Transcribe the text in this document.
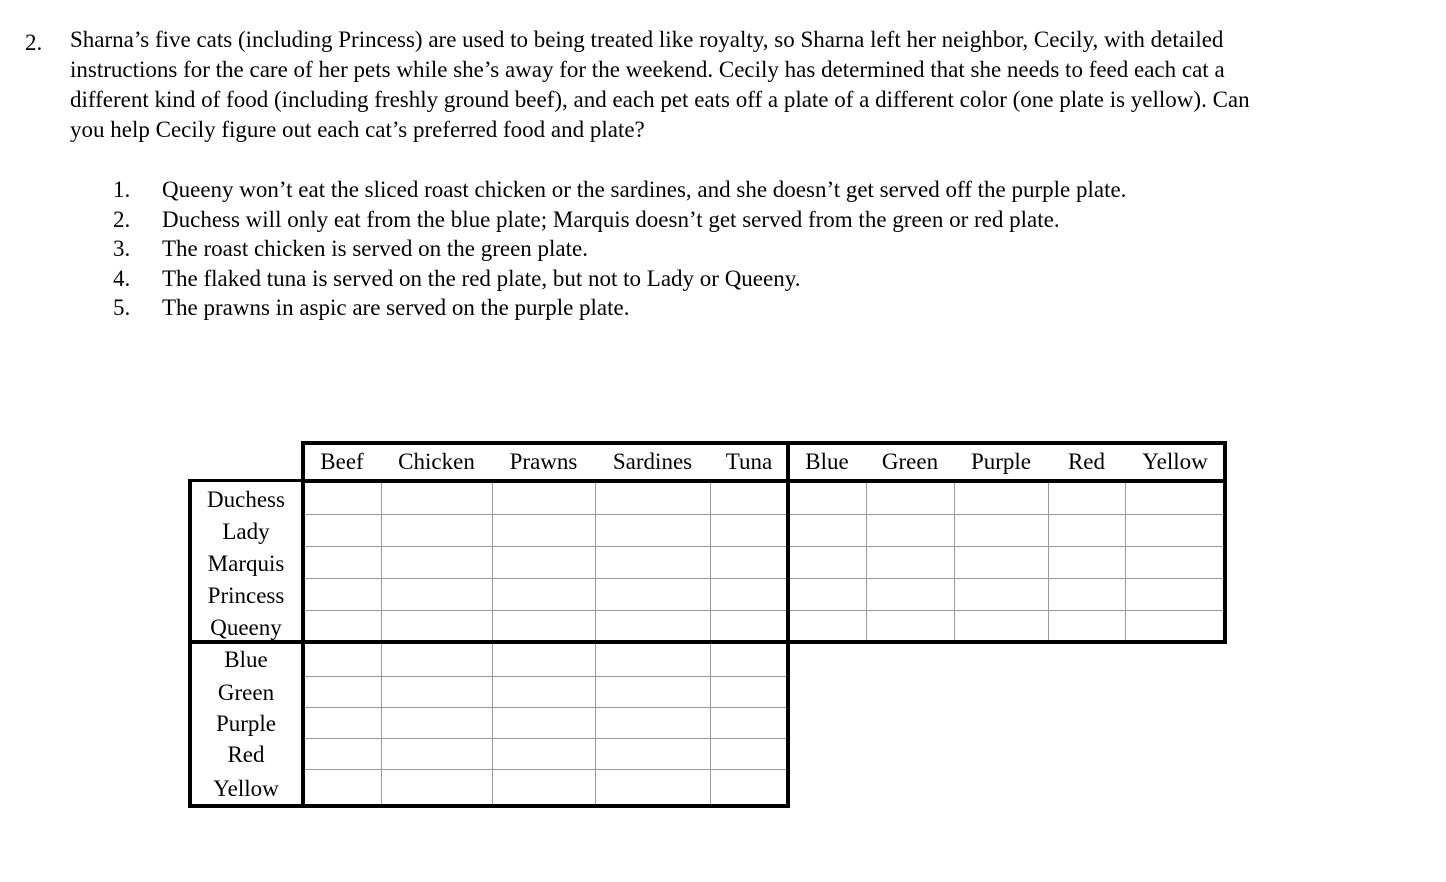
2. Sharna’s five cats (including Princess) are used to being treated like royalty, so Sharna left her neighbor, Cecily, with detailed
instructions for the care of her pets while she’s away for the weekend. Cecily has determined that she needs to feed each cat a
different kind of food (including freshly ground beef), and each pet eats off a plate of a different color (one plate is yellow). Can
you help Cecily figure out each cat’s preferred food and plate?
1. Queeny won’t eat the sliced roast chicken or the sardines, and she doesn’t get served off the purple plate.
2. Duchess will only eat from the blue plate; Marquis doesn’t get served from the green or red plate.
3. The roast chicken is served on the green plate.
4. The flaked tuna is served on the red plate, but not to Lady or Queeny.
5. The prawns in aspic are served on the purple plate.
Beef	Chicken	Prawns	Sardines	Tuna	Blue	Green	Purple	Red	Yellow
Duchess
Lady
Marquis
Princess
Queeny
Blue
Green
Purple
Red
Yellow
